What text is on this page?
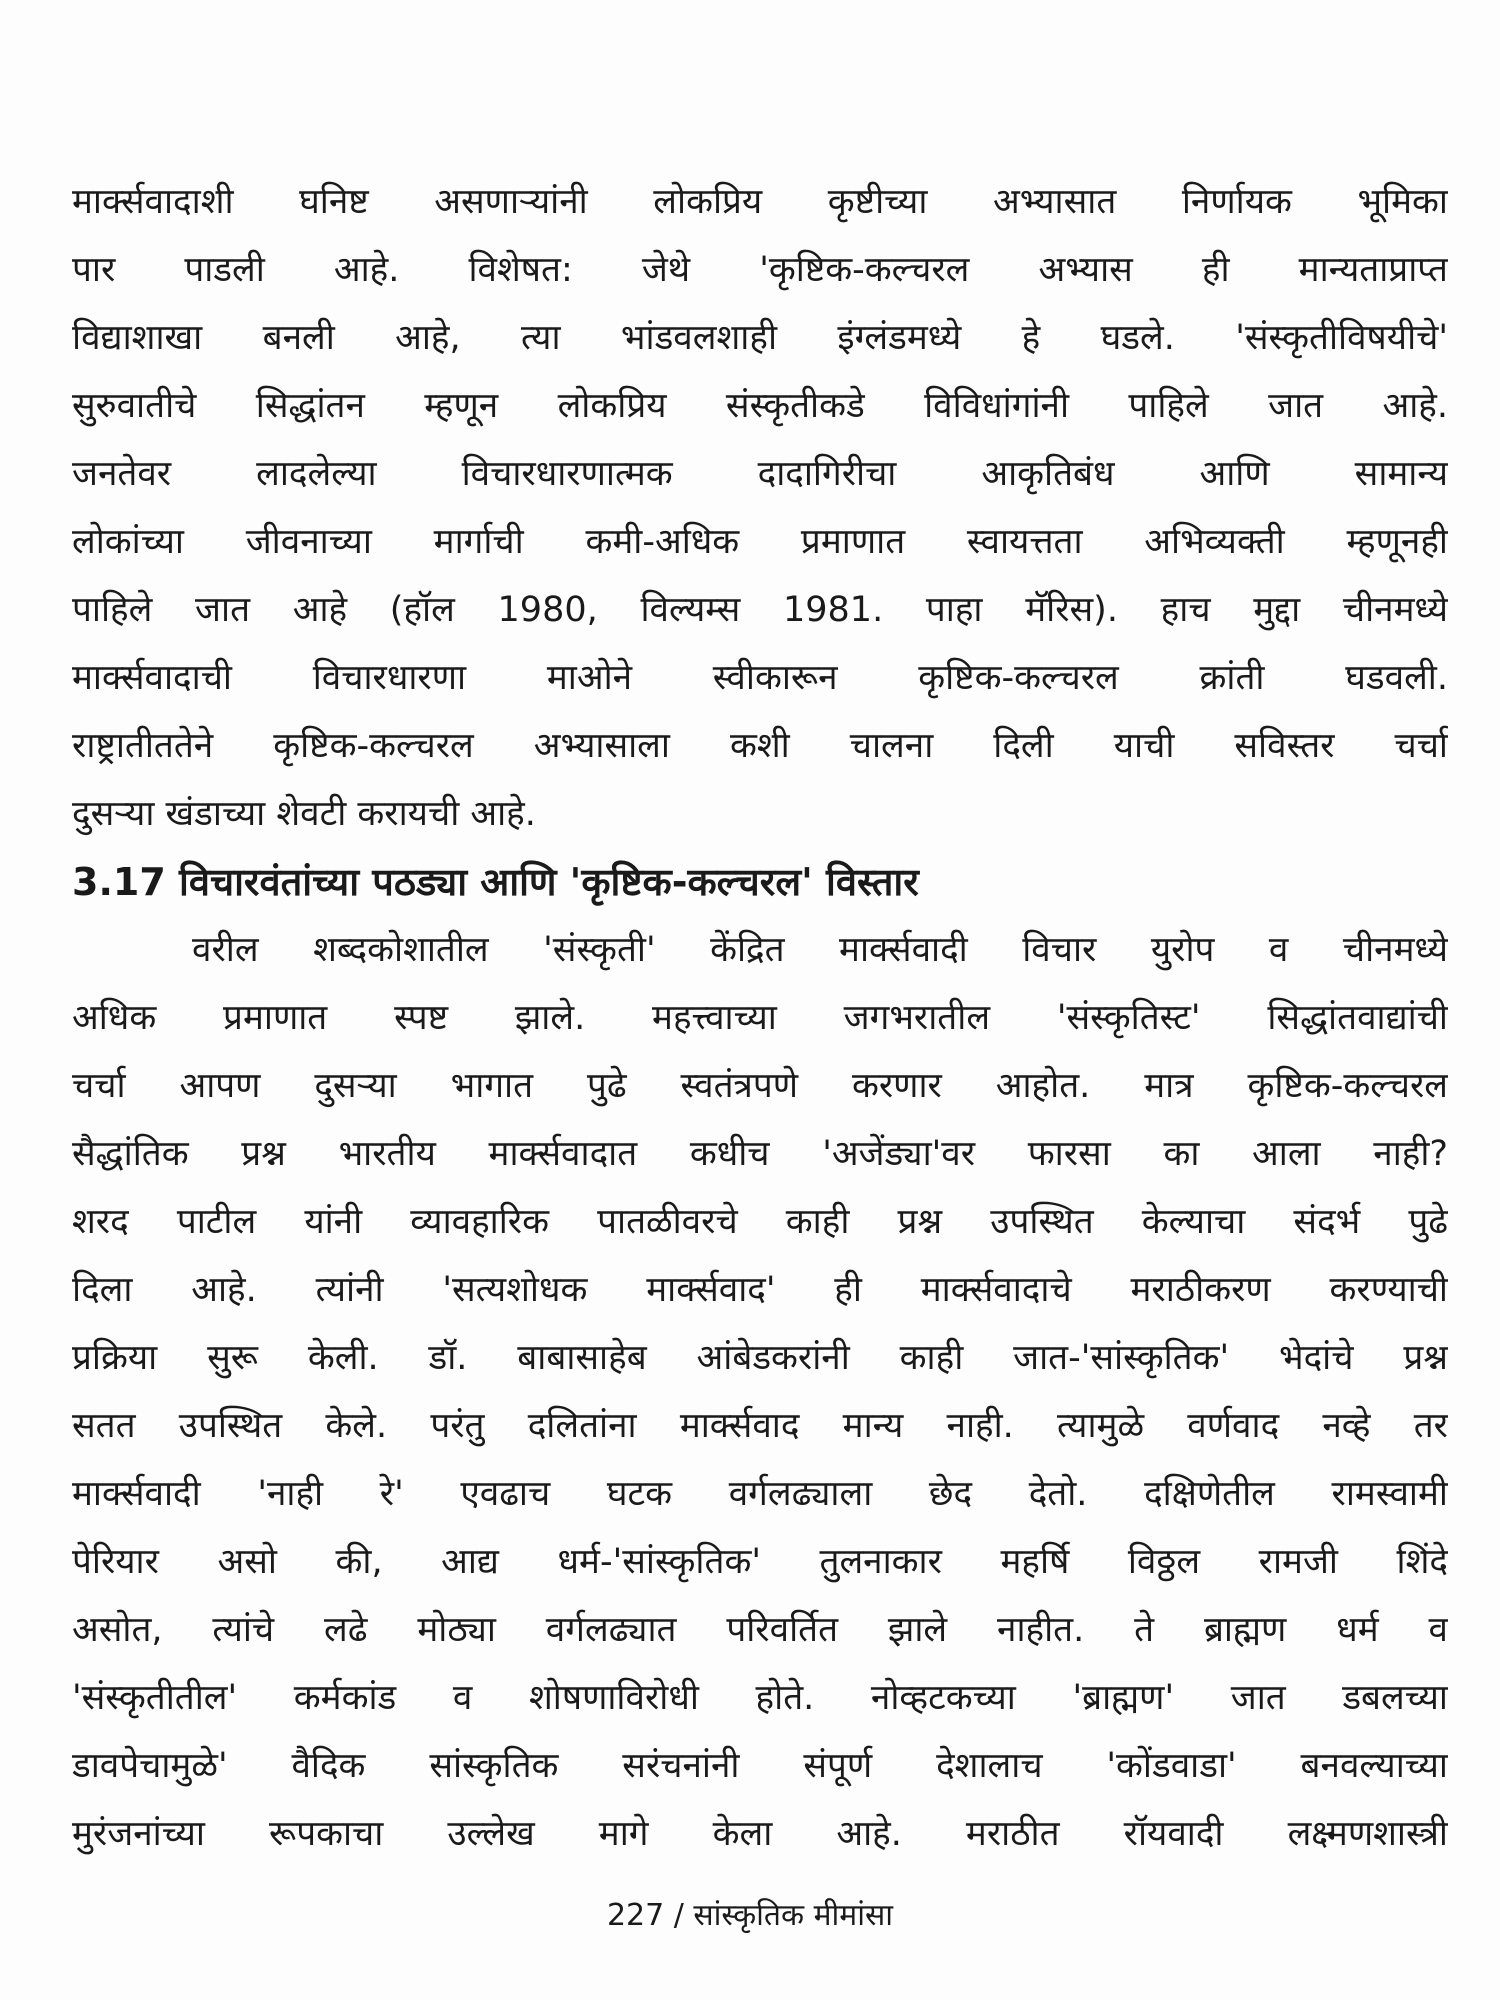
मार्क्सवादाशी घनिष्ट असणाऱ्यांनी लोकप्रिय कृष्टीच्या अभ्यासात निर्णायक भूमिका
पार पाडली आहे. विशेषत: जेथे 'कृष्टिक-कल्चरल अभ्यास ही मान्यताप्राप्त
विद्याशाखा बनली आहे, त्या भांडवलशाही इंग्लंडमध्ये हे घडले. 'संस्कृतीविषयीचे'
सुरुवातीचे सिद्धांतन म्हणून लोकप्रिय संस्कृतीकडे विविधांगांनी पाहिले जात आहे.
जनतेवर लादलेल्या विचारधारणात्मक दादागिरीचा आकृतिबंध आणि सामान्य
लोकांच्या जीवनाच्या मार्गाची कमी-अधिक प्रमाणात स्वायत्तता अभिव्यक्ती म्हणूनही
पाहिले जात आहे (हॉल 1980, विल्यम्स 1981. पाहा मॅरिस). हाच मुद्दा चीनमध्ये
मार्क्सवादाची विचारधारणा माओने स्वीकारून कृष्टिक-कल्चरल क्रांती घडवली.
राष्ट्रातीततेने कृष्टिक-कल्चरल अभ्यासाला कशी चालना दिली याची सविस्तर चर्चा
दुसऱ्या खंडाच्या शेवटी करायची आहे.
3.17 विचारवंतांच्या पठड्या आणि 'कृष्टिक-कल्चरल' विस्तार
वरील शब्दकोशातील 'संस्कृती' केंद्रित मार्क्सवादी विचार युरोप व चीनमध्ये
अधिक प्रमाणात स्पष्ट झाले. महत्त्वाच्या जगभरातील 'संस्कृतिस्ट' सिद्धांतवाद्यांची
चर्चा आपण दुसऱ्या भागात पुढे स्वतंत्रपणे करणार आहोत. मात्र कृष्टिक-कल्चरल
सैद्धांतिक प्रश्न भारतीय मार्क्सवादात कधीच 'अजेंड्या'वर फारसा का आला नाही?
शरद पाटील यांनी व्यावहारिक पातळीवरचे काही प्रश्न उपस्थित केल्याचा संदर्भ पुढे
दिला आहे. त्यांनी 'सत्यशोधक मार्क्सवाद' ही मार्क्सवादाचे मराठीकरण करण्याची
प्रक्रिया सुरू केली. डॉ. बाबासाहेब आंबेडकरांनी काही जात-'सांस्कृतिक' भेदांचे प्रश्न
सतत उपस्थित केले. परंतु दलितांना मार्क्सवाद मान्य नाही. त्यामुळे वर्णवाद नव्हे तर
मार्क्सवादी 'नाही रे' एवढाच घटक वर्गलढ्याला छेद देतो. दक्षिणेतील रामस्वामी
पेरियार असो की, आद्य धर्म-'सांस्कृतिक' तुलनाकार महर्षि विठ्ठल रामजी शिंदे
असोत, त्यांचे लढे मोठ्या वर्गलढ्यात परिवर्तित झाले नाहीत. ते ब्राह्मण धर्म व
'संस्कृतीतील' कर्मकांड व शोषणाविरोधी होते. नोव्हटकच्या 'ब्राह्मण' जात डबलच्या
डावपेचामुळे' वैदिक सांस्कृतिक सरंचनांनी संपूर्ण देशालाच 'कोंडवाडा' बनवल्याच्या
मुरंजनांच्या रूपकाचा उल्लेख मागे केला आहे. मराठीत रॉयवादी लक्ष्मणशास्त्री
227 / सांस्कृतिक मीमांसा
